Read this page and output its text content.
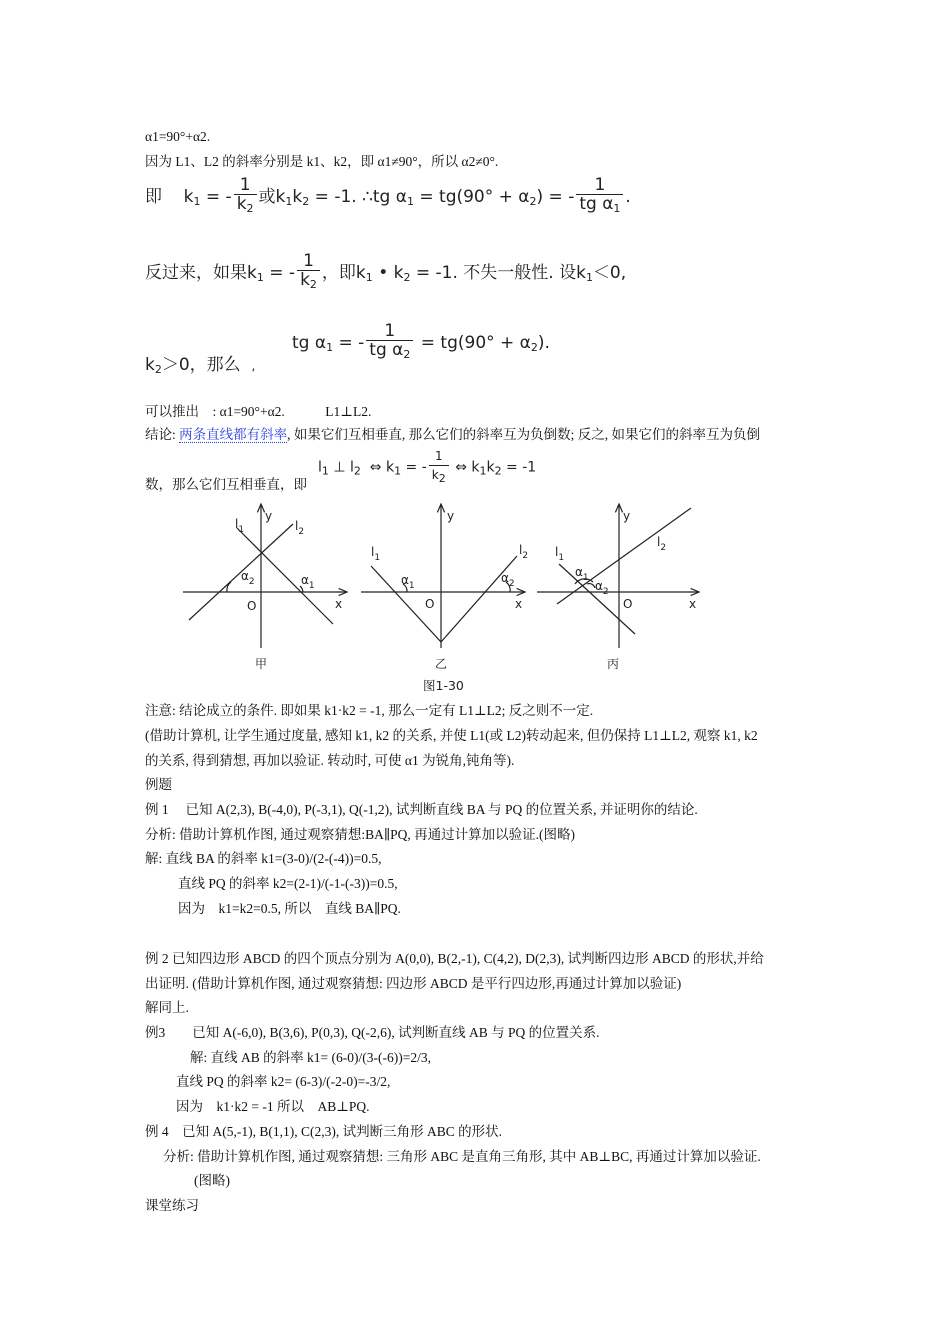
α1=90°+α2.
因为 L1、L2 的斜率分别是 k1、k2，即 α1≠90°，所以 α2≠0°.
即 $k_1$ = - $\frac{1}{k_2}$ 或$k_1k_2 = -1$. ∴tg $\alpha_1 = tg(90^\circ + \alpha_2)$ = - $\frac{1}{tg \alpha_1}$ .
反过来，如果$k_1$ = - $\frac{1}{k_2}$ ，即$k_1$ • $k_2 = -1$. 不失一般性. 设$k_1<0$,
$k_2>0$，那么 ,
tg $\alpha_1$ = - $\frac{1}{tg \alpha_2} = tg(90^\circ + \alpha_2)$.
可以推出　: α1=90°+α2.　　　L1⊥L2.
结论: 两条直线都有斜率, 如果它们互相垂直, 那么它们的斜率互为负倒数; 反之, 如果它们的斜率互为负倒
数，那么它们互相垂直，即
$l_1$ ⊥ $l_2$ ⇔ $k_1$ = - $\frac{1}{k2}$ ⇔ $k_1k_2 = -1$
y
x
O
$l_1$	$l_2$
$\alpha_2$	$\alpha_1$
甲
y
x
O
$l_1$
$l_2$
$\alpha_1$
$\alpha_2$
乙
y
x
O
$l_1$
$l_2$
$\alpha_1$
$\alpha_2$
丙
图1-30
注意: 结论成立的条件. 即如果 k1·k2 = -1, 那么一定有 L1⊥L2; 反之则不一定.
(借助计算机, 让学生通过度量, 感知 k1, k2 的关系, 并使 L1(或 L2)转动起来, 但仍保持 L1⊥L2, 观察 k1, k2
的关系, 得到猜想, 再加以验证. 转动时, 可使 α1 为锐角,钝角等).
例题
例 1　 已知 A(2,3), B(-4,0), P(-3,1), Q(-1,2), 试判断直线 BA 与 PQ 的位置关系, 并证明你的结论.
分析: 借助计算机作图, 通过观察猜想:BA∥PQ, 再通过计算加以验证.(图略)
解: 直线 BA 的斜率 k1=(3-0)/(2-(-4))=0.5,
直线 PQ 的斜率 k2=(2-1)/(-1-(-3))=0.5,
因为　k1=k2=0.5, 所以　直线 BA∥PQ.
例 2 已知四边形 ABCD 的四个顶点分别为 A(0,0), B(2,-1), C(4,2), D(2,3), 试判断四边形 ABCD 的形状,并给
出证明. (借助计算机作图, 通过观察猜想: 四边形 ABCD 是平行四边形,再通过计算加以验证)
解同上.
例3　　已知 A(-6,0), B(3,6), P(0,3), Q(-2,6), 试判断直线 AB 与 PQ 的位置关系.
解: 直线 AB 的斜率 k1= (6-0)/(3-(-6))=2/3,
直线 PQ 的斜率 k2= (6-3)/(-2-0)=-3/2,
因为　k1·k2 = -1 所以　AB⊥PQ.
例 4　已知 A(5,-1), B(1,1), C(2,3), 试判断三角形 ABC 的形状.
分析: 借助计算机作图, 通过观察猜想: 三角形 ABC 是直角三角形, 其中 AB⊥BC, 再通过计算加以验证.
(图略)
课堂练习
